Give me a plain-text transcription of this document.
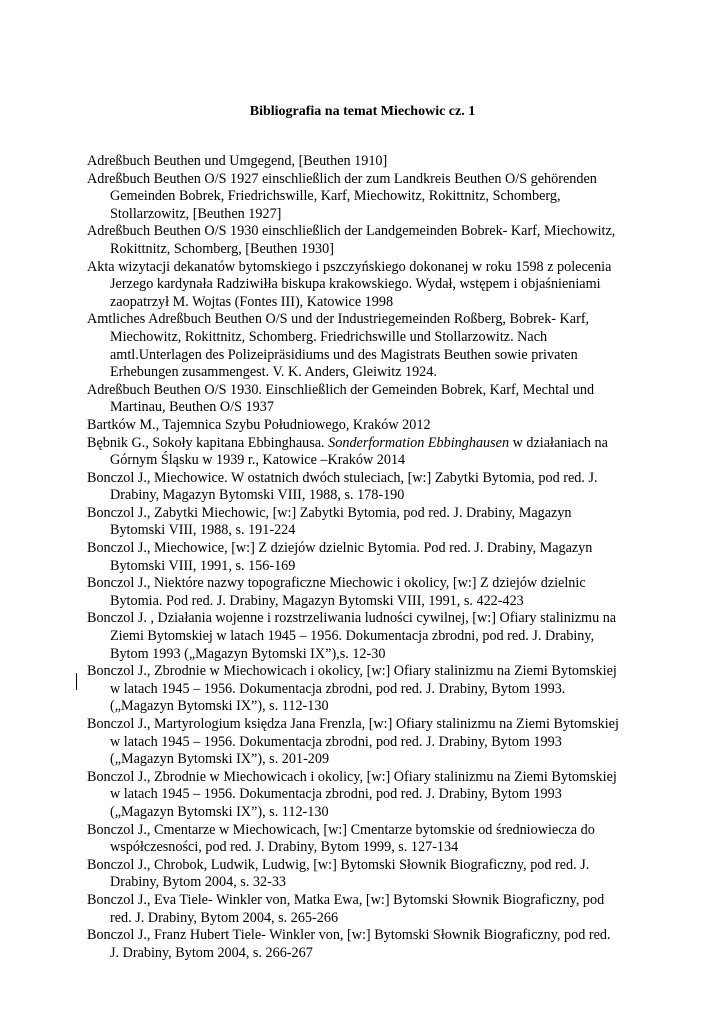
Bibliografia na temat Miechowic cz. 1
Adreßbuch Beuthen und Umgegend, [Beuthen 1910]
Adreßbuch Beuthen O/S 1927 einschließlich der zum Landkreis Beuthen O/S gehörenden Gemeinden Bobrek, Friedrichswille, Karf, Miechowitz, Rokittnitz, Schomberg, Stollarzowitz, [Beuthen 1927]
Adreßbuch Beuthen O/S 1930 einschließlich der Landgemeinden Bobrek- Karf, Miechowitz, Rokittnitz, Schomberg, [Beuthen 1930]
Akta wizytacji dekanatów bytomskiego i pszczyńskiego dokonanej w roku 1598 z polecenia Jerzego kardynała Radziwiłła biskupa krakowskiego. Wydał, wstępem i objaśnieniami zaopatrzył M. Wojtas (Fontes III), Katowice 1998
Amtliches Adreßbuch Beuthen O/S und der Industriegemeinden Roßberg, Bobrek- Karf, Miechowitz, Rokittnitz, Schomberg. Friedrichswille und Stollarzowitz. Nach amtl.Unterlagen des Polizeipräsidiums und des Magistrats Beuthen sowie privaten Erhebungen zusammengest. V. K. Anders, Gleiwitz 1924.
Adreßbuch Beuthen O/S 1930. Einschließlich der Gemeinden Bobrek, Karf, Mechtal und Martinau, Beuthen O/S 1937
Bartków M., Tajemnica Szybu Południowego, Kraków 2012
Bębnik G., Sokoły kapitana Ebbinghausa. Sonderformation Ebbinghausen w działaniach na Górnym Śląsku w 1939 r., Katowice –Kraków 2014
Bonczol J., Miechowice. W ostatnich dwóch stuleciach, [w:] Zabytki Bytomia, pod red. J. Drabiny, Magazyn Bytomski VIII, 1988, s. 178-190
Bonczol J., Zabytki Miechowic, [w:] Zabytki Bytomia, pod red. J. Drabiny, Magazyn Bytomski VIII, 1988, s. 191-224
Bonczol J., Miechowice, [w:] Z dziejów dzielnic Bytomia. Pod red. J. Drabiny, Magazyn Bytomski VIII, 1991, s. 156-169
Bonczol J., Niektóre nazwy topograficzne Miechowic i okolicy, [w:] Z dziejów dzielnic Bytomia. Pod red. J. Drabiny, Magazyn Bytomski VIII, 1991, s. 422-423
Bonczol J. , Działania wojenne i rozstrzeliwania ludności cywilnej, [w:] Ofiary stalinizmu na Ziemi Bytomskiej w latach 1945 – 1956. Dokumentacja zbrodni, pod red. J. Drabiny, Bytom 1993 („Magazyn Bytomski IX”),s. 12-30
Bonczol J., Zbrodnie w Miechowicach i okolicy, [w:] Ofiary stalinizmu na Ziemi Bytomskiej w latach 1945 – 1956. Dokumentacja zbrodni, pod red. J. Drabiny, Bytom 1993. („Magazyn Bytomski IX”), s. 112-130
Bonczol J., Martyrologium księdza Jana Frenzla, [w:] Ofiary stalinizmu na Ziemi Bytomskiej w latach 1945 – 1956. Dokumentacja zbrodni, pod red. J. Drabiny, Bytom 1993 („Magazyn Bytomski IX”), s. 201-209
Bonczol J., Zbrodnie w Miechowicach i okolicy, [w:] Ofiary stalinizmu na Ziemi Bytomskiej w latach 1945 – 1956. Dokumentacja zbrodni, pod red. J. Drabiny, Bytom 1993 („Magazyn Bytomski IX”), s. 112-130
Bonczol J., Cmentarze w Miechowicach, [w:] Cmentarze bytomskie od średniowiecza do współczesności, pod red. J. Drabiny, Bytom 1999, s. 127-134
Bonczol J., Chrobok, Ludwik, Ludwig, [w:] Bytomski Słownik Biograficzny, pod red. J. Drabiny, Bytom 2004, s. 32-33
Bonczol J., Eva Tiele- Winkler von, Matka Ewa, [w:] Bytomski Słownik Biograficzny, pod red. J. Drabiny, Bytom 2004, s. 265-266
Bonczol J., Franz Hubert Tiele- Winkler von, [w:] Bytomski Słownik Biograficzny, pod red. J. Drabiny, Bytom 2004, s. 266-267
